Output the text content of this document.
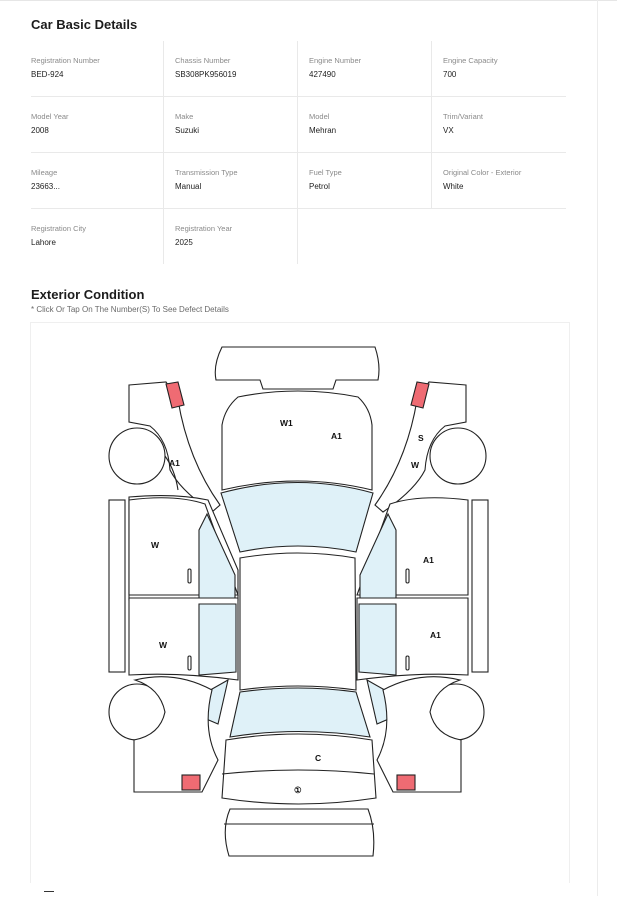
Car Basic Details
Registration Number
BED-924
Chassis Number
SB308PK956019
Engine Number
427490
Engine Capacity
700
Model Year
2008
Make
Suzuki
Model
Mehran
Trim/Variant
VX
Mileage
23663...
Transmission Type
Manual
Fuel Type
Petrol
Original Color - Exterior
White
Registration City
Lahore
Registration Year
2025
Exterior Condition
* Click Or Tap On The Number(S) To See Defect Details
W1
A1
A1
S
W
W
A1
A1
W
C
①
